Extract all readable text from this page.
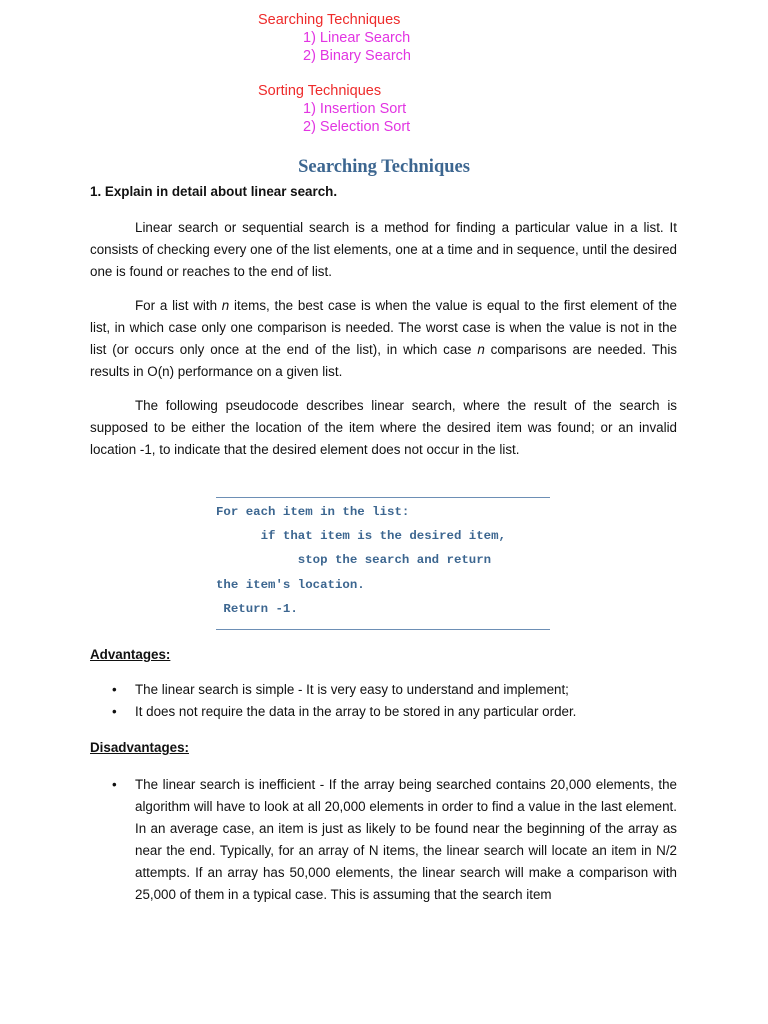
Searching Techniques
1) Linear Search
2) Binary Search
Sorting Techniques
1) Insertion Sort
2) Selection Sort
Searching Techniques

1. Explain in detail about linear search.

Linear search or sequential search is a method for finding a particular value in a list. It consists of checking every one of the list elements, one at a time and in sequence, until the desired one is found or reaches to the end of list.

For a list with n items, the best case is when the value is equal to the first element of the list, in which case only one comparison is needed. The worst case is when the value is not in the list (or occurs only once at the end of the list), in which case n comparisons are needed. This results in O(n) performance on a given list.

The following pseudocode describes linear search, where the result of the search is supposed to be either the location of the item where the desired item was found; or an invalid location -1, to indicate that the desired element does not occur in the list.

For each item in the list:
if that item is the desired item,
stop the search and return
the item's location.
Return -1.
Advantages:
• The linear search is simple - It is very easy to understand and implement;
• It does not require the data in the array to be stored in any particular order.
Disadvantages:
• The linear search is inefficient - If the array being searched contains 20,000 elements, the algorithm will have to look at all 20,000 elements in order to find a value in the last element. In an average case, an item is just as likely to be found near the beginning of the array as near the end. Typically, for an array of N items, the linear search will locate an item in N/2 attempts. If an array has 50,000 elements, the linear search will make a comparison with 25,000 of them in a typical case. This is assuming that the search item
